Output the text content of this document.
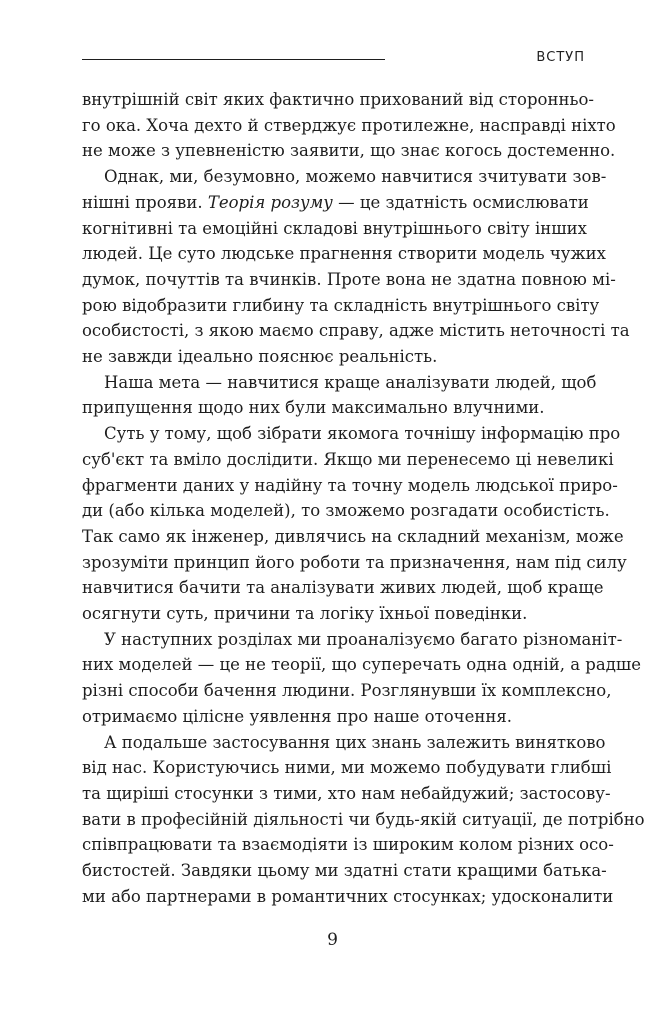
ВСТУП

внутрішній світ яких фактично прихований від сторонньо-
го ока. Хоча дехто й стверджує протилежне, насправді ніхто
не може з упевненістю заявити, що знає когось достеменно.

Однак, ми, безумовно, можемо навчитися зчитувати зов-
нішні прояви. Теорія розуму — це здатність осмислювати
когнітивні та емоційні складові внутрішнього світу інших
людей. Це суто людське прагнення створити модель чужих
думок, почуттів та вчинків. Проте вона не здатна повною мі-
рою відобразити глибину та складність внутрішнього світу
особистості, з якою маємо справу, адже містить неточності та
не завжди ідеально пояснює реальність.

Наша мета — навчитися краще аналізувати людей, щоб
припущення щодо них були максимально влучними.

Суть у тому, щоб зібрати якомога точнішу інформацію про
суб'єкт та вміло дослідити. Якщо ми перенесемо ці невеликі
фрагменти даних у надійну та точну модель людської приро-
ди (або кілька моделей), то зможемо розгадати особистість.
Так само як інженер, дивлячись на складний механізм, може
зрозуміти принцип його роботи та призначення, нам під силу
навчитися бачити та аналізувати живих людей, щоб краще
осягнути суть, причини та логіку їхньої поведінки.

У наступних розділах ми проаналізуємо багато різноманіт-
них моделей — це не теорії, що суперечать одна одній, а радше
різні способи бачення людини. Розглянувши їх комплексно,
отримаємо цілісне уявлення про наше оточення.

А подальше застосування цих знань залежить винятково
від нас. Користуючись ними, ми можемо побудувати глибші
та щиріші стосунки з тими, хто нам небайдужий; застосову-
вати в професійній діяльності чи будь-якій ситуації, де потрібно
співпрацювати та взаємодіяти із широким колом різних осо-
бистостей. Завдяки цьому ми здатні стати кращими батька-
ми або партнерами в романтичних стосунках; удосконалити

9
